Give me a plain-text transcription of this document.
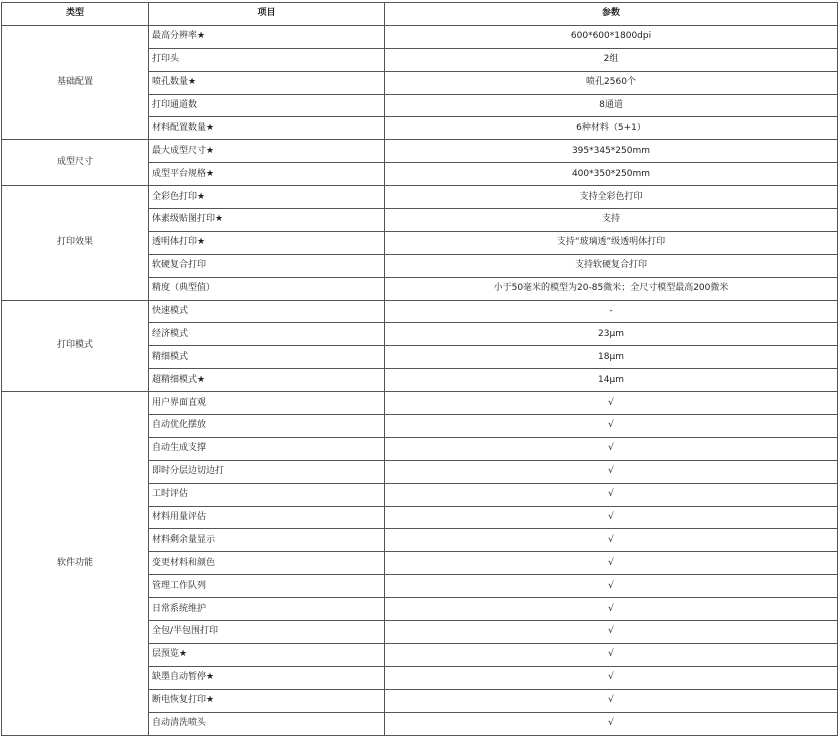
类型	项目	参数
基础配置	最高分辨率★	600*600*1800dpi
	打印头	2组
	喷孔数量★	喷孔2560个
	打印通道数	8通道
	材料配置数量★	6种材料（5+1）
成型尺寸	最大成型尺寸★	395*345*250mm
	成型平台规格★	400*350*250mm
打印效果	全彩色打印★	支持全彩色打印
	体素级贴图打印★	支持
	透明体打印★	支持“玻璃透”级透明体打印
	软硬复合打印	支持软硬复合打印
	精度（典型值）	小于50毫米的模型为20-85微米；全尺寸模型最高200微米
打印模式	快速模式	-
	经济模式	23μm
	精细模式	18μm
	超精细模式★	14μm
软件功能	用户界面直观	√
	自动优化摆放	√
	自动生成支撑	√
	即时分层边切边打	√
	工时评估	√
	材料用量评估	√
	材料剩余量显示	√
	变更材料和颜色	√
	管理工作队列	√
	日常系统维护	√
	全包/半包围打印	√
	层预览★	√
	缺墨自动暂停★	√
	断电恢复打印★	√
	自动清洗喷头	√
